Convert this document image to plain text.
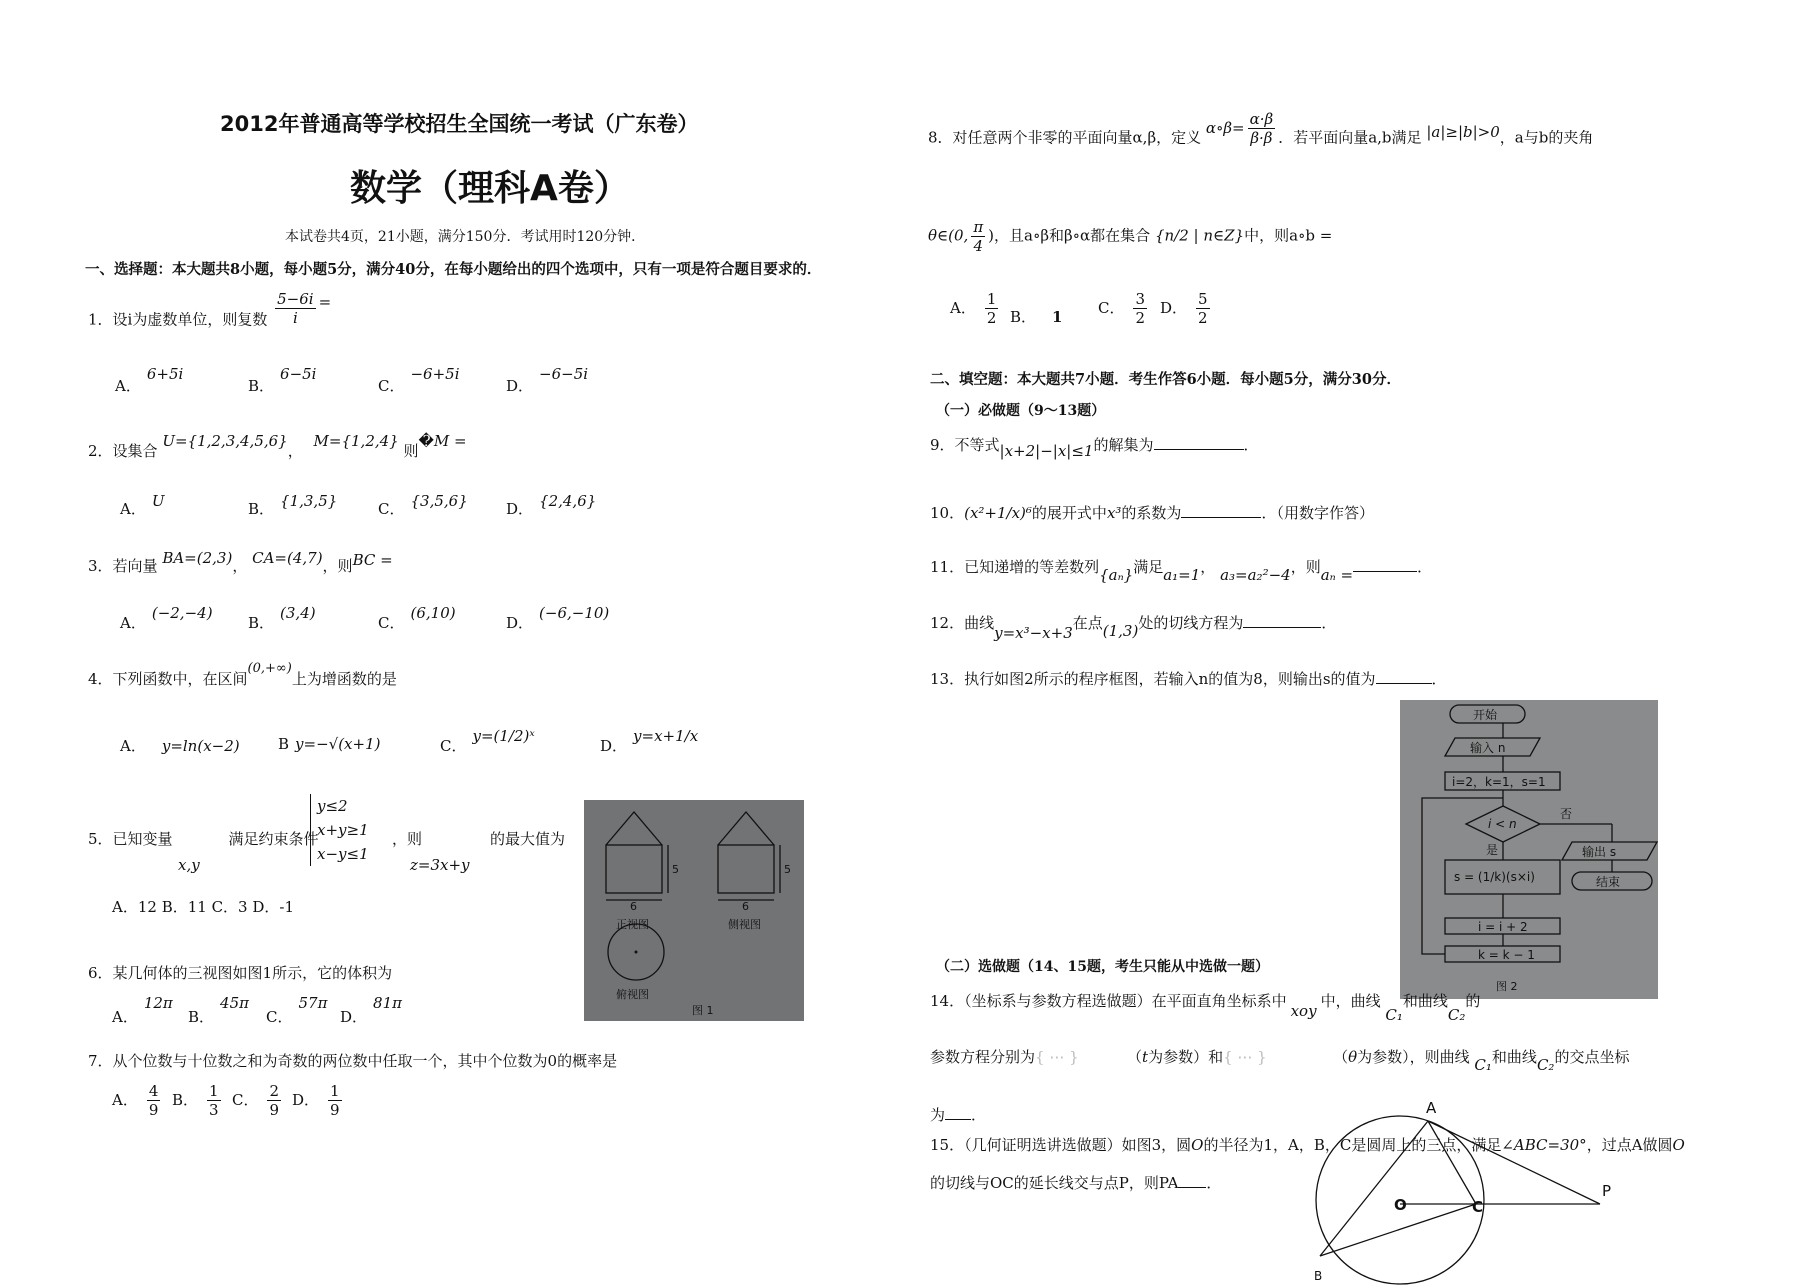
2012年普通高等学校招生全国统一考试（广东卷）
数学（理科A卷）
本试卷共4页，21小题，满分150分．考试用时120分钟．
一、选择题：本大题共8小题，每小题5分，满分40分，在每小题给出的四个选项中，只有一项是符合题目要求的．
1．设i为虚数单位，则复数 $\frac{5-6i}{i}$ =
A．6+5i
B．6−5i
C．−6+5i
D．−6−5i
2．设集合 U={1,2,3,4,5,6}， M={1,2,4} 则�M =
A． U	B． {1,3,5}	C． {3,5,6}	D． {2,4,6}
3．若向量 BA=(2,3)， CA=(4,7)，则BC =
A．(−2,−4)
B．(3,4)
C．(6,10)
D．(−6,−10)
4．下列函数中，在区间(0,+∞)上为增函数的是
A． y=ln(x−2)	B y=−√(x+1)	C．y=(1/2)ˣ
D．y=x+1/x
5．已知变量	满足约束条件
x,y
y≤2
x+y≥1
x−y≤1
，则
z=3x+y
的最大值为
A．12 B．11 C．3 D．-1
6．某几何体的三视图如图1所示，它的体积为
A．12π
B．45π
C．57π
D．81π
7．从个位数与十位数之和为奇数的两位数中任取一个，其中个位数为0的概率是
A． $\frac{4}{9}$ B． $\frac{1}{3}$ C． $\frac{2}{9}$ D． $\frac{1}{9}$
6
5
6
5
正视图	侧视图
俯视图
图 1
8．对任意两个非零的平面向量α,β，定义 α∘β= $\frac{\alpha\cdot\beta}{\beta\cdot\beta}$ ．若平面向量a,b满足 |a|≥|b|>0，a与b的夹角
θ∈(0, $\frac{\pi}{4}$ )，且a∘β和β∘α都在集合 {n/2 | n∈Z}中，则a∘b =
A． $\frac{1}{2}$ B． 1
C． $\frac{3}{2}$ D． $\frac{5}{2}$
二、填空题：本大题共7小题．考生作答6小题．每小题5分，满分30分．
（一）必做题（9～13题）
9．不等式|x+2|−|x|≤1的解集为	．
10．(x²+1/x)⁶的展开式中x³的系数为	．（用数字作答）
11．已知递增的等差数列{aₙ}满足a₁=1， a₃=a₂²−4，则aₙ =	．
12．曲线y=x³−x+3在点(1,3)处的切线方程为	．
13．执行如图2所示的程序框图，若输入n的值为8，则输出s的值为	．
开始
输入 n
i=2，k=1，s=1
i < n
是
否
输出 s
结束
s = (1/k)(s×i)
i = i + 2
k = k − 1
图 2
（二）选做题（14、15题，考生只能从中选做一题）
14．（坐标系与参数方程选做题）在平面直角坐标系中xoy中，曲线 C₁和曲线C₂的
参数方程分别为{ ⋯ }	（t为参数）和{ ⋯ }	（θ为参数），则曲线 C₁和曲线C₂的交点坐标
为 ．
15．（几何证明选讲选做题）如图3，圆O的半径为1，A，B，C是圆周上的三点，满足∠ABC=30°，过点A做圆O
的切线与OC的延长线交与点P，则PA ．
A
B
C
O
P
